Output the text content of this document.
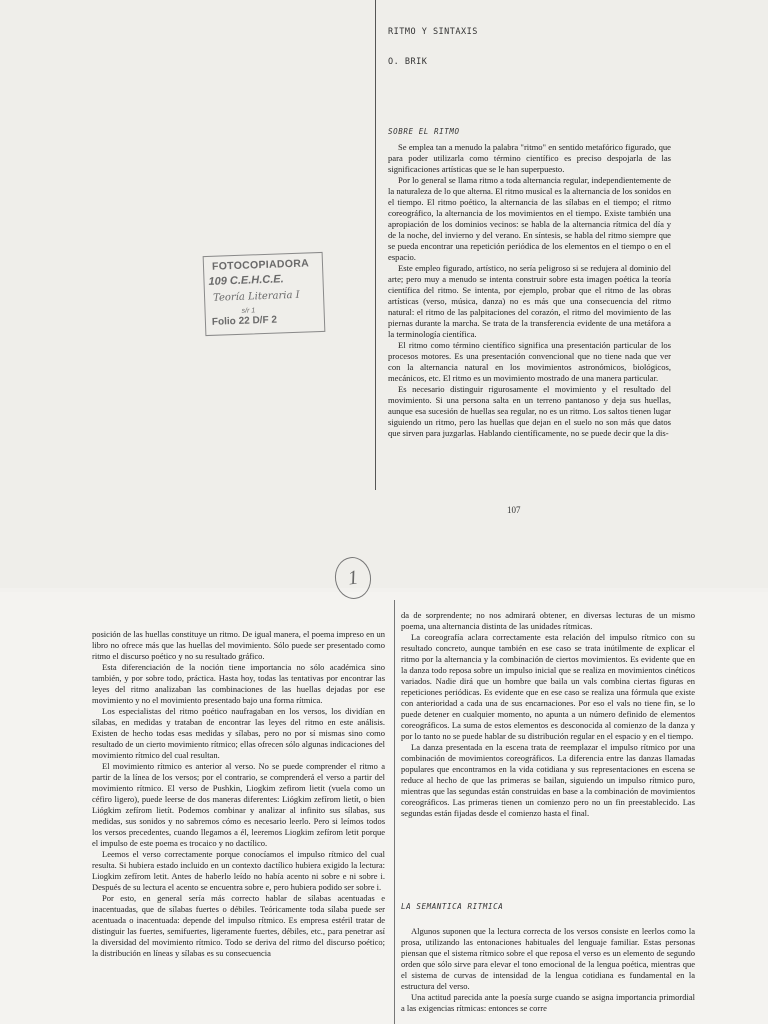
RITMO Y SINTAXIS
O. BRIK
SOBRE EL RITMO

Se emplea tan a menudo la palabra "ritmo" en sentido metafórico figurado, que para poder utilizarla como término científico es preciso despojarla de las significaciones artísticas que se le han superpuesto.

Por lo general se llama ritmo a toda alternancia regular, independientemente de la naturaleza de lo que alterna. El ritmo musical es la alternancia de los sonidos en el tiempo. El ritmo poético, la alternancia de las sílabas en el tiempo; el ritmo coreográfico, la alternancia de los movimientos en el tiempo. Existe también una apropiación de los dominios vecinos: se habla de la alternancia rítmica del día y de la noche, del invierno y del verano. En síntesis, se habla del ritmo siempre que se pueda encontrar una repetición periódica de los elementos en el tiempo o en el espacio.

Este empleo figurado, artístico, no sería peligroso si se redujera al dominio del arte; pero muy a menudo se intenta construir sobre esta imagen poética la teoría científica del ritmo. Se intenta, por ejemplo, probar que el ritmo de las obras artísticas (verso, música, danza) no es más que una consecuencia del ritmo natural: el ritmo de las palpitaciones del corazón, el ritmo del movimiento de las piernas durante la marcha. Se trata de la transferencia evidente de una metáfora a la terminología científica.

El ritmo como término científico significa una presentación particular de los procesos motores. Es una presentación convencional que no tiene nada que ver con la alternancia natural en los movimientos astronómicos, biológicos, mecánicos, etc. El ritmo es un movimiento mostrado de una manera particular.

Es necesario distinguir rigurosamente el movimiento y el resultado del movimiento. Si una persona salta en un terreno pantanoso y deja sus huellas, aunque esa sucesión de huellas sea regular, no es un ritmo. Los saltos tienen lugar siguiendo un ritmo, pero las huellas que dejan en el suelo no son más que datos que sirven para juzgarlas. Hablando científicamente, no se puede decir que la dis-

107
FOTOCOPIADORA
109 C.E.H.C.E.
Teoría Literaria I
s/r 1
Folio 22 D/F 2
1

posición de las huellas constituye un ritmo. De igual manera, el poema impreso en un libro no ofrece más que las huellas del movimiento. Sólo puede ser presentado como ritmo el discurso poético y no su resultado gráfico.

Esta diferenciación de la noción tiene importancia no sólo académica sino también, y por sobre todo, práctica. Hasta hoy, todas las tentativas por encontrar las leyes del ritmo analizaban las combinaciones de las huellas dejadas por ese movimiento y no el movimiento presentado bajo una forma rítmica.

Los especialistas del ritmo poético naufragaban en los versos, los dividían en sílabas, en medidas y trataban de encontrar las leyes del ritmo en este análisis. Existen de hecho todas esas medidas y sílabas, pero no por sí mismas sino como resultado de un cierto movimiento rítmico; ellas ofrecen sólo algunas indicaciones del movimiento rítmico del cual resultan.

El movimiento rítmico es anterior al verso. No se puede comprender el ritmo a partir de la línea de los versos; por el contrario, se comprenderá el verso a partir del movimiento rítmico. El verso de Pushkin, Liogkim zefirom lietit (vuela como un céfiro ligero), puede leerse de dos maneras diferentes: Liógkim zefírom lietít, o bien Liógkim zefírom lietít. Podemos combinar y analizar al infinito sus sílabas, sus medidas, sus sonidos y no sabremos cómo es necesario leerlo. Pero si leímos todos los versos precedentes, cuando llegamos a él, leeremos Liogkim zefírom letit porque el impulso de este poema es trocaico y no dactílico.

Leemos el verso correctamente porque conocíamos el impulso rítmico del cual resulta. Si hubiera estado incluido en un contexto dactílico hubiera exigido la lectura: Liogkim zefírom letit. Antes de haberlo leído no había acento ni sobre e ni sobre i. Después de su lectura el acento se encuentra sobre e, pero hubiera podido ser sobre i.

Por esto, en general sería más correcto hablar de sílabas acentuadas e inacentuadas, que de sílabas fuertes o débiles. Teóricamente toda sílaba puede ser acentuada o inacentuada: depende del impulso rítmico. Es empresa estéril tratar de distinguir las fuertes, semifuertes, ligeramente fuertes, débiles, etc., para penetrar así la diversidad del movimiento rítmico. Todo se deriva del ritmo del discurso poético; la distribución en líneas y sílabas es su consecuencia

da de sorprendente; no nos admirará obtener, en diversas lecturas de un mismo poema, una alternancia distinta de las unidades rítmicas.

La coreografía aclara correctamente esta relación del impulso rítmico con su resultado concreto, aunque también en ese caso se trata inútilmente de explicar el ritmo por la alternancia y la combinación de ciertos movimientos. Es evidente que en la danza todo reposa sobre un impulso inicial que se realiza en movimientos cinéticos variados. Nadie dirá que un hombre que baila un vals combina ciertas figuras en repeticiones periódicas. Es evidente que en ese caso se realiza una fórmula que existe con anterioridad a cada una de sus encarnaciones. Por eso el vals no tiene fin, se lo puede detener en cualquier momento, no apunta a un número definido de elementos coreográficos. La suma de estos elementos es desconocida al comienzo de la danza y por lo tanto no se puede hablar de su distribución regular en el espacio y en el tiempo.

La danza presentada en la escena trata de reemplazar el impulso rítmico por una combinación de movimientos coreográficos. La diferencia entre las danzas llamadas populares que encontramos en la vida cotidiana y sus representaciones en escena se reduce al hecho de que las primeras se bailan, siguiendo un impulso rítmico puro, mientras que las segundas están construidas en base a la combinación de movimientos coreográficos. Las primeras tienen un comienzo pero no un fin preestablecido. Las segundas están fijadas desde el comienzo hasta el final.

LA SEMANTICA RITMICA

Algunos suponen que la lectura correcta de los versos consiste en leerlos como la prosa, utilizando las entonaciones habituales del lenguaje familiar. Estas personas piensan que el sistema rítmico sobre el que reposa el verso es un elemento de segundo orden que sólo sirve para elevar el tono emocional de la lengua poética, mientras que el sistema de curvas de intensidad de la lengua cotidiana es fundamental en la estructura del verso.

Una actitud parecida ante la poesía surge cuando se asigna importancia primordial a las exigencias rítmicas: entonces se corre
